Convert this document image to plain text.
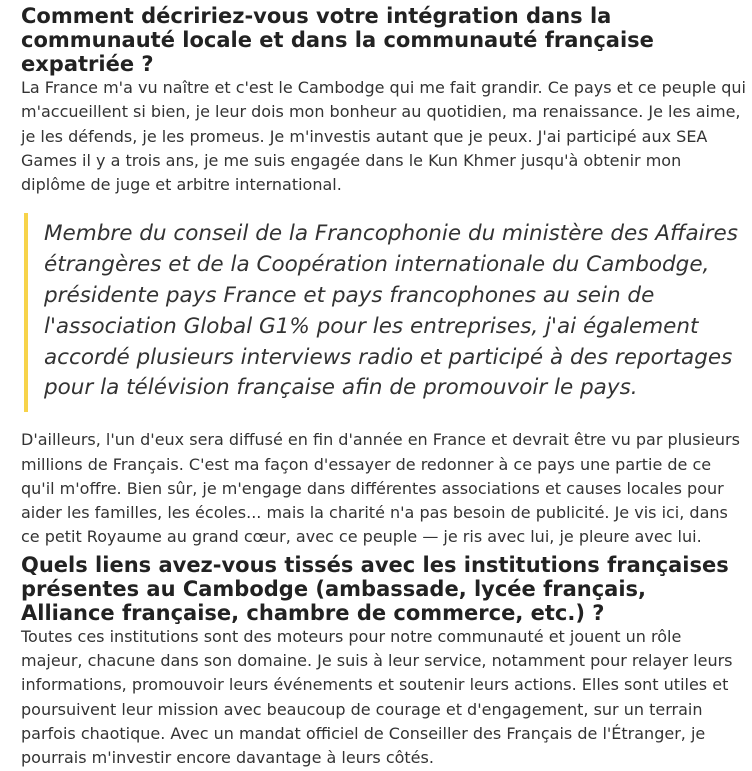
Comment décririez-vous votre intégration dans la communauté locale et dans la communauté française expatriée ?

La France m'a vu naître et c'est le Cambodge qui me fait grandir. Ce pays et ce peuple qui m'accueillent si bien, je leur dois mon bonheur au quotidien, ma renaissance. Je les aime, je les défends, je les promeus. Je m'investis autant que je peux. J'ai participé aux SEA Games il y a trois ans, je me suis engagée dans le Kun Khmer jusqu'à obtenir mon diplôme de juge et arbitre international.

Membre du conseil de la Francophonie du ministère des Affaires étrangères et de la Coopération internationale du Cambodge, présidente pays France et pays francophones au sein de l'association Global G1% pour les entreprises, j'ai également accordé plusieurs interviews radio et participé à des reportages pour la télévision française afin de promouvoir le pays.

D'ailleurs, l'un d'eux sera diffusé en fin d'année en France et devrait être vu par plusieurs millions de Français. C'est ma façon d'essayer de redonner à ce pays une partie de ce qu'il m'offre. Bien sûr, je m'engage dans différentes associations et causes locales pour aider les familles, les écoles... mais la charité n'a pas besoin de publicité. Je vis ici, dans ce petit Royaume au grand cœur, avec ce peuple — je ris avec lui, je pleure avec lui.

Quels liens avez-vous tissés avec les institutions françaises présentes au Cambodge (ambassade, lycée français, Alliance française, chambre de commerce, etc.) ?

Toutes ces institutions sont des moteurs pour notre communauté et jouent un rôle majeur, chacune dans son domaine. Je suis à leur service, notamment pour relayer leurs informations, promouvoir leurs événements et soutenir leurs actions. Elles sont utiles et poursuivent leur mission avec beaucoup de courage et d'engagement, sur un terrain parfois chaotique. Avec un mandat officiel de Conseiller des Français de l'Étranger, je pourrais m'investir encore davantage à leurs côtés.
